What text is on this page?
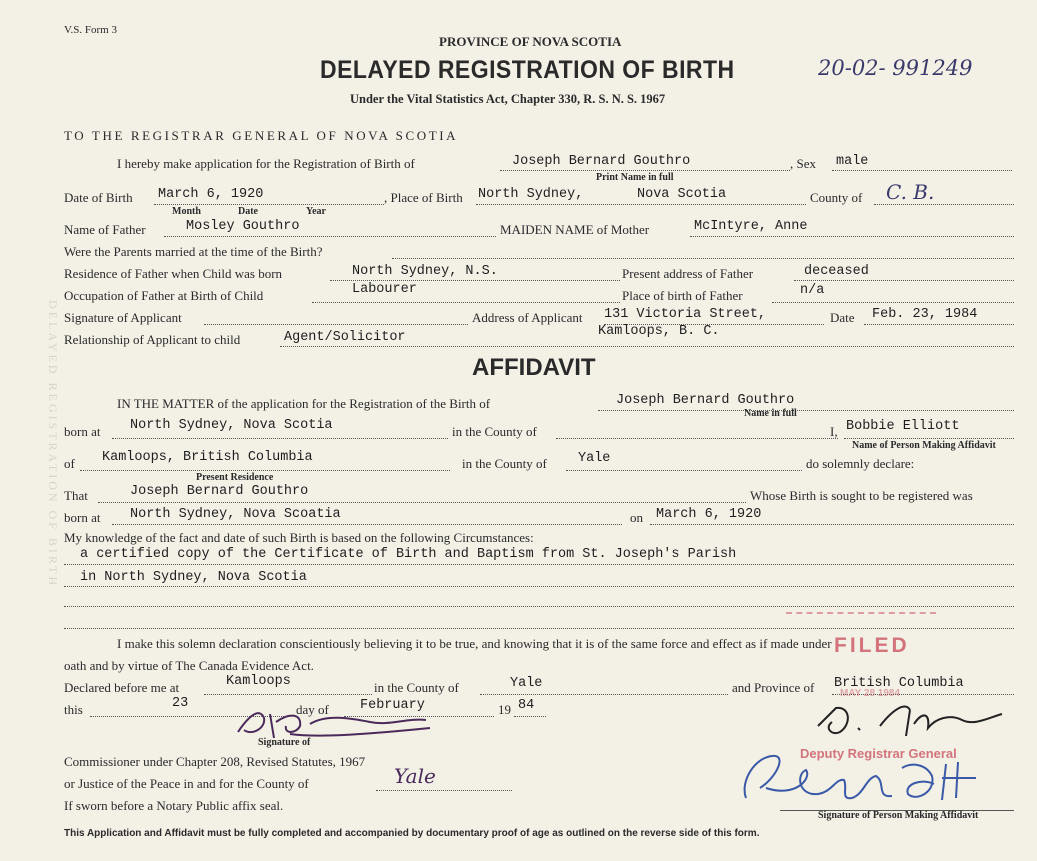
DELAYED REGISTRATION OF BIRTH
V.S. Form 3
PROVINCE OF NOVA SCOTIA
DELAYED REGISTRATION OF BIRTH	20-02- 991249
Under the Vital Statistics Act, Chapter 330, R. S. N. S. 1967
TO THE REGISTRAR GENERAL OF NOVA SCOTIA
I hereby make application for the Registration of Birth of	Joseph Bernard Gouthro
Print Name in full
, Sex male
Date of Birth March 6, 1920
Month	Date	Year
, Place of Birth North Sydney,	Nova Scotia	County of C. B.
Name of Father	Mosley Gouthro	MAIDEN NAME of Mother	McIntyre, Anne
Were the Parents married at the time of the Birth?
Residence of Father when Child was born	North Sydney, N.S.	Present address of Father	deceased
Occupation of Father at Birth of Child	Labourer	Place of birth of Father	n/a
Signature of Applicant	Address of Applicant 131 Victoria Street,
Kamloops, B. C.
Date Feb. 23, 1984
Relationship of Applicant to child	Agent/Solicitor
AFFIDAVIT
IN THE MATTER of the application for the Registration of the Birth of	Joseph Bernard Gouthro
Name in full
born at North Sydney, Nova Scotia	in the County of	I, Bobbie Elliott
Name of Person Making Affidavit
of Kamloops, British Columbia
Present Residence
in the County of Yale	do solemnly declare:
That	Joseph Bernard Gouthro	Whose Birth is sought to be registered was
born at North Sydney, Nova Scoatia	on March 6, 1920
My knowledge of the fact and date of such Birth is based on the following Circumstances:
a certified copy of the Certificate of Birth and Baptism from St. Joseph's Parish
in North Sydney, Nova Scotia
I make this solemn declaration conscientiously believing it to be true, and knowing that it is of the same force and effect as if made under
oath and by virtue of The Canada Evidence Act.
Declared before me at	Kamloops	in the County of	Yale	and Province of British Columbia
this	23	day of February	19 84
Signature of
Commissioner under Chapter 208, Revised Statutes, 1967
or Justice of the Peace in and for the County of	Yale
If sworn before a Notary Public affix seal.
FILED
MAY 28 1984
Deputy Registrar General
Signature of Person Making Affidavit
This Application and Affidavit must be fully completed and accompanied by documentary proof of age as outlined on the reverse side of this form.
